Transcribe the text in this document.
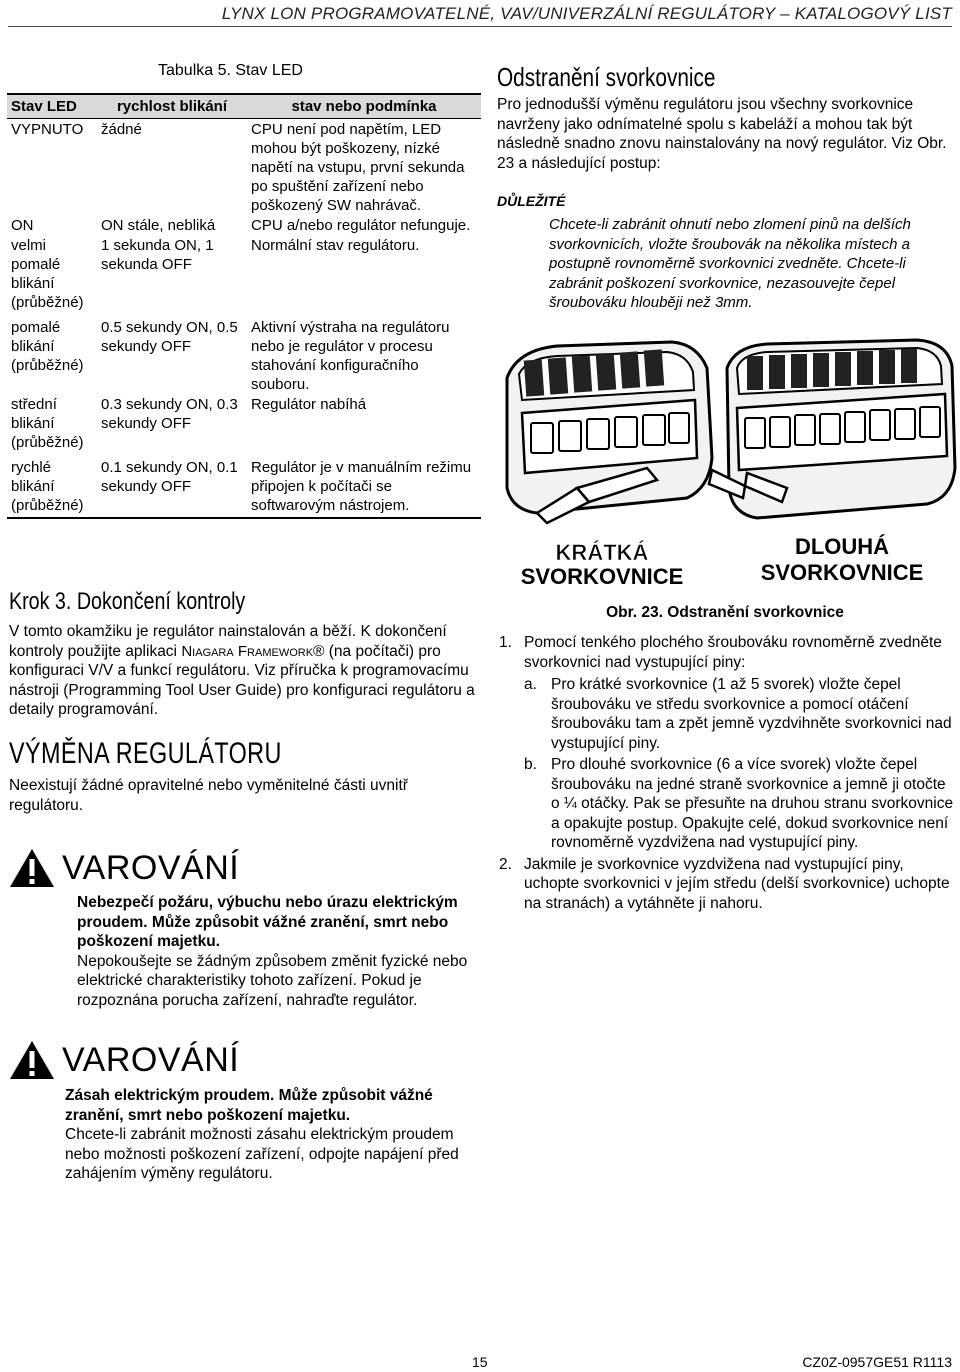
LYNX LON PROGRAMOVATELNÉ, VAV/UNIVERZÁLNÍ REGULÁTORY – KATALOGOVÝ LIST
Tabulka 5. Stav LED
Stav LED	rychlost blikání	stav nebo podmínka
VYPNUTO	žádné	CPU není pod napětím, LED mohou být poškozeny, nízké napětí na vstupu, první sekunda po spuštění zařízení nebo poškozený SW nahrávač.
ON	ON stále, nebliká	CPU a/nebo regulátor nefunguje.
velmi pomalé blikání (průběžné)	1 sekunda ON, 1 sekunda OFF	Normální stav regulátoru.
pomalé blikání (průběžné)	0.5 sekundy ON, 0.5 sekundy OFF	Aktivní výstraha na regulátoru nebo je regulátor v procesu stahování konfiguračního souboru.
střední blikání (průběžné)	0.3 sekundy ON, 0.3 sekundy OFF	Regulátor nabíhá
rychlé blikání (průběžné)	0.1 sekundy ON, 0.1 sekundy OFF	Regulátor je v manuálním režimu připojen k počítači se softwarovým nástrojem.
Krok 3. Dokončení kontroly
V tomto okamžiku je regulátor nainstalován a běží. K dokončení kontroly použijte aplikaci Niagara Framework® (na počítači) pro konfiguraci V/V a funkcí regulátoru. Viz příručka k programovacímu nástroji (Programming Tool User Guide) pro konfiguraci regulátoru a detaily programování.
VÝMĚNA REGULÁTORU
Neexistují žádné opravitelné nebo vyměnitelné části uvnitř regulátoru.
VAROVÁNÍ
Nebezpečí požáru, výbuchu nebo úrazu elektrickým proudem. Může způsobit vážné zranění, smrt nebo poškození majetku.
Nepokoušejte se žádným způsobem změnit fyzické nebo elektrické charakteristiky tohoto zařízení. Pokud je rozpoznána porucha zařízení, nahraďte regulátor.
VAROVÁNÍ
Zásah elektrickým proudem. Může způsobit vážné zranění, smrt nebo poškození majetku.
Chcete-li zabránit možnosti zásahu elektrickým proudem nebo možnosti poškození zařízení, odpojte napájení před zahájením výměny regulátoru.
Odstranění svorkovnice
Pro jednodušší výměnu regulátoru jsou všechny svorkovnice navrženy jako odnímatelné spolu s kabeláží a mohou tak být následně snadno znovu nainstalovány na nový regulátor. Viz Obr. 23 a následující postup:
DŮLEŽITÉ
Chcete-li zabránit ohnutí nebo zlomení pinů na delších svorkovnicích, vložte šroubovák na několika místech a postupně rovnoměrně svorkovnici zvedněte. Chcete-li zabránit poškození svorkovnice, nezasouvejte čepel šroubováku hlouběji než 3mm.
KRÁTKÁ
SVORKOVNICE
DLOUHÁ
SVORKOVNICE
Obr. 23. Odstranění svorkovnice
1. Pomocí tenkého plochého šroubováku rovnoměrně zvedněte svorkovnici nad vystupující piny:
a. Pro krátké svorkovnice (1 až 5 svorek) vložte čepel šroubováku ve středu svorkovnice a pomocí otáčení šroubováku tam a zpět jemně vyzdvihněte svorkovnici nad vystupující piny.
b. Pro dlouhé svorkovnice (6 a více svorek) vložte čepel šroubováku na jedné straně svorkovnice a jemně ji otočte o ¼ otáčky. Pak se přesuňte na druhou stranu svorkovnice a opakujte postup. Opakujte celé, dokud svorkovnice není rovnoměrně vyzdvižena nad vystupující piny.
2. Jakmile je svorkovnice vyzdvižena nad vystupující piny, uchopte svorkovnici v jejím středu (delší svorkovnice) uchopte na stranách) a vytáhněte ji nahoru.
15	CZ0Z-0957GE51 R1113
